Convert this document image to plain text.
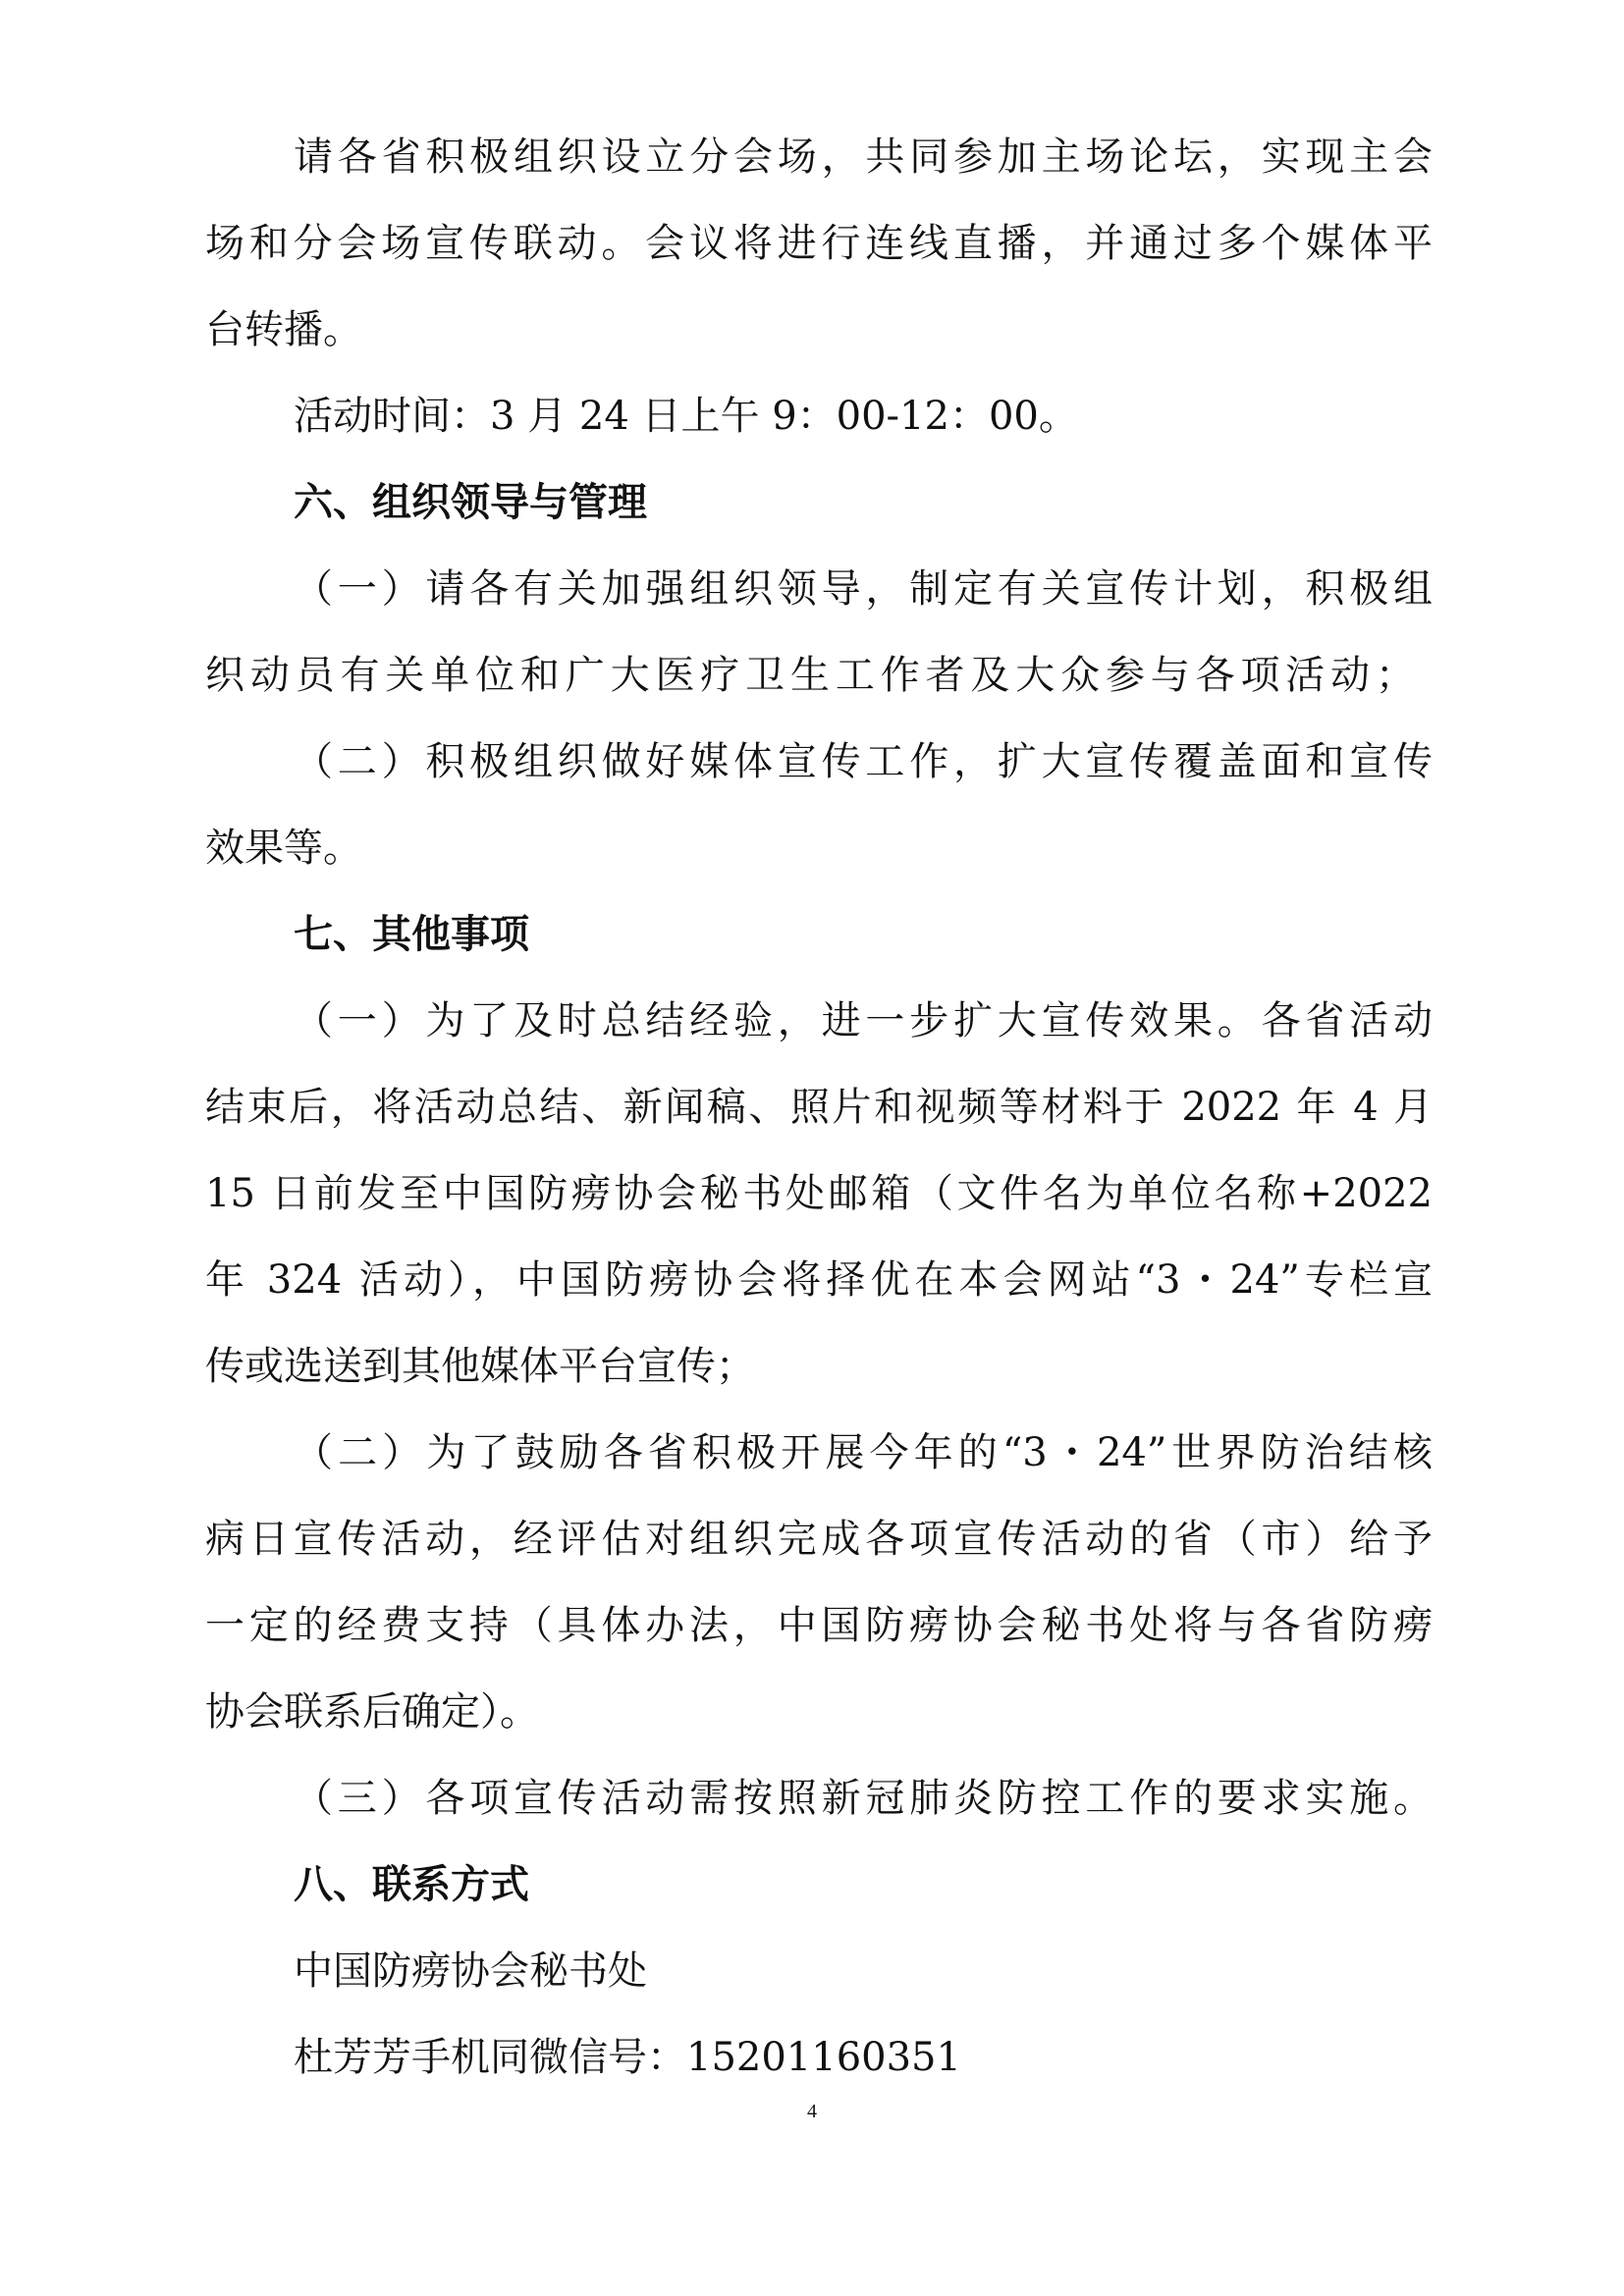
请各省积极组织设立分会场，共同参加主场论坛，实现主会
场和分会场宣传联动。会议将进行连线直播，并通过多个媒体平
台转播。
活动时间：3 月 24 日上午 9：00-12：00。
六、组织领导与管理
（一）请各有关加强组织领导，制定有关宣传计划，积极组
织动员有关单位和广大医疗卫生工作者及大众参与各项活动；
（二）积极组织做好媒体宣传工作，扩大宣传覆盖面和宣传
效果等。
七、其他事项
（一）为了及时总结经验，进一步扩大宣传效果。各省活动
结束后，将活动总结、新闻稿、照片和视频等材料于 2022 年 4 月
15 日前发至中国防痨协会秘书处邮箱（文件名为单位名称+2022
年 324 活动），中国防痨协会将择优在本会网站“3・24”专栏宣
传或选送到其他媒体平台宣传；
（二）为了鼓励各省积极开展今年的“3・24”世界防治结核
病日宣传活动，经评估对组织完成各项宣传活动的省（市）给予
一定的经费支持（具体办法，中国防痨协会秘书处将与各省防痨
协会联系后确定）。
（三）各项宣传活动需按照新冠肺炎防控工作的要求实施。
八、联系方式
中国防痨协会秘书处
杜芳芳手机同微信号：15201160351
4
